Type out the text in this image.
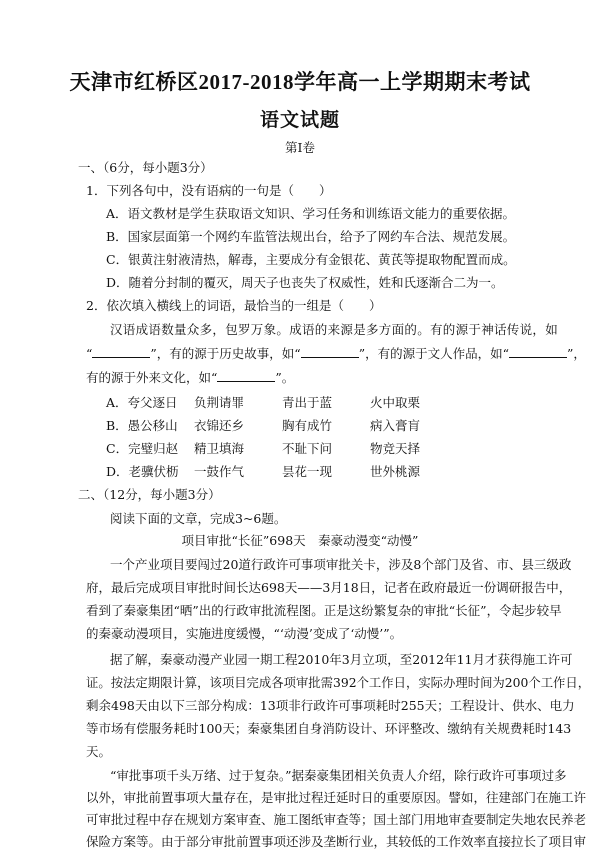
天津市红桥区2017-2018学年高一上学期期末考试
语文试题
第Ⅰ卷
一、（6分，每小题3分）
1．下列各句中，没有语病的一句是（　　）
A．语文教材是学生获取语文知识、学习任务和训练语文能力的重要依据。
B．国家层面第一个网约车监管法规出台，给予了网约车合法、规范发展。
C．银黄注射液清热，解毒，主要成分有金银花、黄芪等提取物配置而成。
D．随着分封制的覆灭，周天子也丧失了权威性，姓和氏逐渐合二为一。
2．依次填入横线上的词语，最恰当的一组是（　　）
汉语成语数量众多，包罗万象。成语的来源是多方面的。有的源于神话传说，如
“	”，有的源于历史故事，如“	”，有的源于文人作品，如“	”，
有的源于外来文化，如“	”。
A．夸父逐日 负荆请罪	青出于蓝	火中取栗
B．愚公移山 衣锦还乡	胸有成竹	病入膏肓
C．完璧归赵 精卫填海	不耻下问	物竞天择
D．老骥伏枥 一鼓作气	昙花一现	世外桃源
二、（12分，每小题3分）
阅读下面的文章，完成3~6题。
项目审批“长征”698天　秦豪动漫变“动慢”
一个产业项目要闯过20道行政许可事项审批关卡，涉及8个部门及省、市、县三级政
府，最后完成项目审批时间长达698天——3月18日，记者在政府最近一份调研报告中，
看到了秦豪集团“晒”出的行政审批流程图。正是这纷繁复杂的审批“长征”，令起步较早
的秦豪动漫项目，实施进度缓慢，“‘动漫’变成了‘动慢’”。
据了解，秦豪动漫产业园一期工程2010年3月立项，至2012年11月才获得施工许可
证。按法定期限计算，该项目完成各项审批需392个工作日，实际办理时间为200个工作日，
剩余498天由以下三部分构成：13项非行政许可事项耗时255天；工程设计、供水、电力
等市场有偿服务耗时100天；秦豪集团自身消防设计、环评整改、缴纳有关规费耗时143
天。
“审批事项千头万绪、过于复杂。”据秦豪集团相关负责人介绍，除行政许可事项过多
以外，审批前置事项大量存在，是审批过程迁延时日的重要原因。譬如，往建部门在施工许
可审批过程中存在规划方案审查、施工图纸审查等；国土部门用地审查要制定失地农民养老
保险方案等。由于部分审批前置事项还涉及垄断行业，其较低的工作效率直接拉长了项目审
